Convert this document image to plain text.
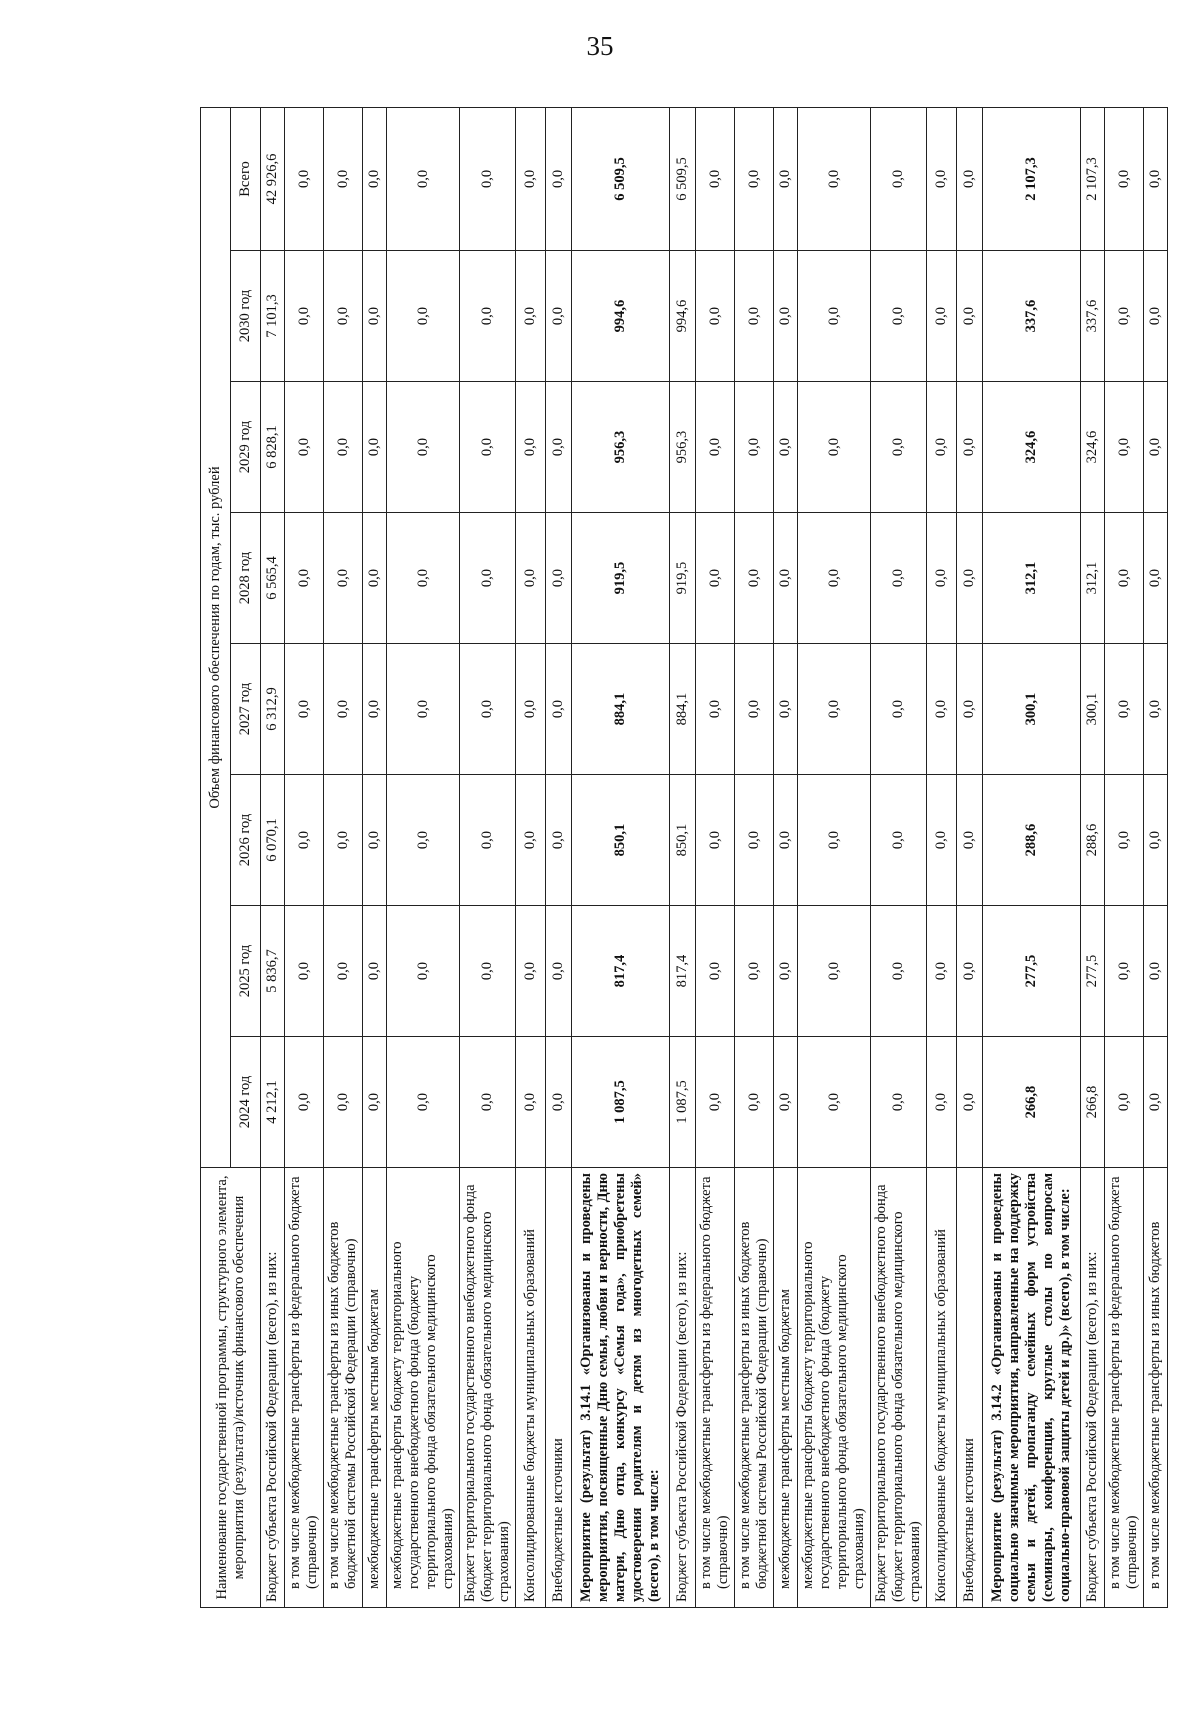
35
Наименование государственной программы, структурного элемента, мероприятия (результата)/источник финансового обеспечения	Объем финансового обеспечения по годам, тыс. рублей							
	2024 год	2025 год	2026 год	2027 год	2028 год	2029 год	2030 год	Всего
Бюджет субъекта Российской Федерации (всего), из них:	4 212,1	5 836,7	6 070,1	6 312,9	6 565,4	6 828,1	7 101,3	42 926,6
в том числе межбюджетные трансферты из федерального бюджета (справочно)	0,0	0,0	0,0	0,0	0,0	0,0	0,0	0,0
в том числе межбюджетные трансферты из иных бюджетов бюджетной системы Российской Федерации (справочно)	0,0	0,0	0,0	0,0	0,0	0,0	0,0	0,0
межбюджетные трансферты местным бюджетам	0,0	0,0	0,0	0,0	0,0	0,0	0,0	0,0
межбюджетные трансферты бюджету территориального государственного внебюджетного фонда (бюджету территориального фонда обязательного медицинского страхования)	0,0	0,0	0,0	0,0	0,0	0,0	0,0	0,0
Бюджет территориального государственного внебюджетного фонда (бюджет территориального фонда обязательного медицинского страхования)	0,0	0,0	0,0	0,0	0,0	0,0	0,0	0,0
Консолидированные бюджеты муниципальных образований	0,0	0,0	0,0	0,0	0,0	0,0	0,0	0,0
Внебюджетные источники	0,0	0,0	0,0	0,0	0,0	0,0	0,0	0,0
Мероприятие (результат) 3.14.1 «Организованы и проведены мероприятия, посвященные Дню семьи, любви и верности, Дню матери, Дню отца, конкурсу «Семья года», приобретены удостоверения родителям и детям из многодетных семей» (всего), в том числе:	1 087,5	817,4	850,1	884,1	919,5	956,3	994,6	6 509,5
Бюджет субъекта Российской Федерации (всего), из них:	1 087,5	817,4	850,1	884,1	919,5	956,3	994,6	6 509,5
в том числе межбюджетные трансферты из федерального бюджета (справочно)	0,0	0,0	0,0	0,0	0,0	0,0	0,0	0,0
в том числе межбюджетные трансферты из иных бюджетов бюджетной системы Российской Федерации (справочно)	0,0	0,0	0,0	0,0	0,0	0,0	0,0	0,0
межбюджетные трансферты местным бюджетам	0,0	0,0	0,0	0,0	0,0	0,0	0,0	0,0
межбюджетные трансферты бюджету территориального государственного внебюджетного фонда (бюджету территориального фонда обязательного медицинского страхования)	0,0	0,0	0,0	0,0	0,0	0,0	0,0	0,0
Бюджет территориального государственного внебюджетного фонда (бюджет территориального фонда обязательного медицинского страхования)	0,0	0,0	0,0	0,0	0,0	0,0	0,0	0,0
Консолидированные бюджеты муниципальных образований	0,0	0,0	0,0	0,0	0,0	0,0	0,0	0,0
Внебюджетные источники	0,0	0,0	0,0	0,0	0,0	0,0	0,0	0,0
Мероприятие (результат) 3.14.2 «Организованы и проведены социально значимые мероприятия, направленные на поддержку семьи и детей, пропаганду семейных форм устройства (семинары, конференции, круглые столы по вопросам социально-правовой защиты детей и др.)» (всего), в том числе:	266,8	277,5	288,6	300,1	312,1	324,6	337,6	2 107,3
Бюджет субъекта Российской Федерации (всего), из них:	266,8	277,5	288,6	300,1	312,1	324,6	337,6	2 107,3
в том числе межбюджетные трансферты из федерального бюджета (справочно)	0,0	0,0	0,0	0,0	0,0	0,0	0,0	0,0
в том числе межбюджетные трансферты из иных бюджетов	0,0	0,0	0,0	0,0	0,0	0,0	0,0	0,0
